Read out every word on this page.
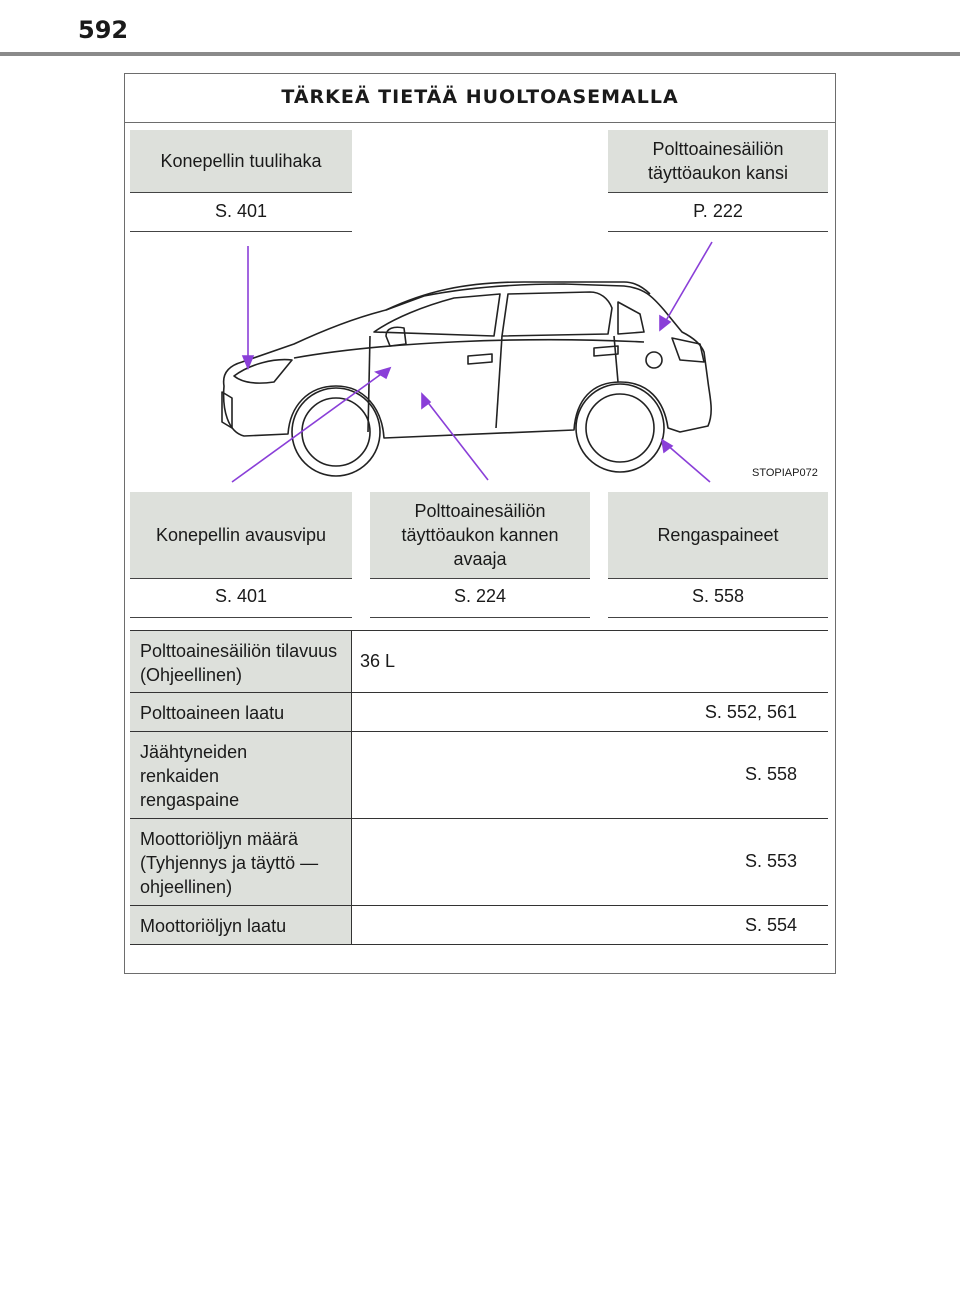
592
TÄRKEÄ TIETÄÄ HUOLTOASEMALLA
Konepellin tuulihaka
S. 401
Polttoainesäiliön täyttöaukon kansi
P. 222
STOPIAP072
Konepellin avausvipu
S. 401
Polttoainesäiliön täyttöaukon kannen avaaja
S. 224
Rengaspaineet
S. 558
Polttoainesäiliön tilavuus (Ohjeellinen)
36 L
Polttoaineen laatu	S. 552, 561
Jäähtyneiden renkaiden rengaspaine
S. 558
Moottoriöljyn määrä (Tyhjennys ja täyttö — ohjeellinen)
S. 553
Moottoriöljyn laatu	S. 554
